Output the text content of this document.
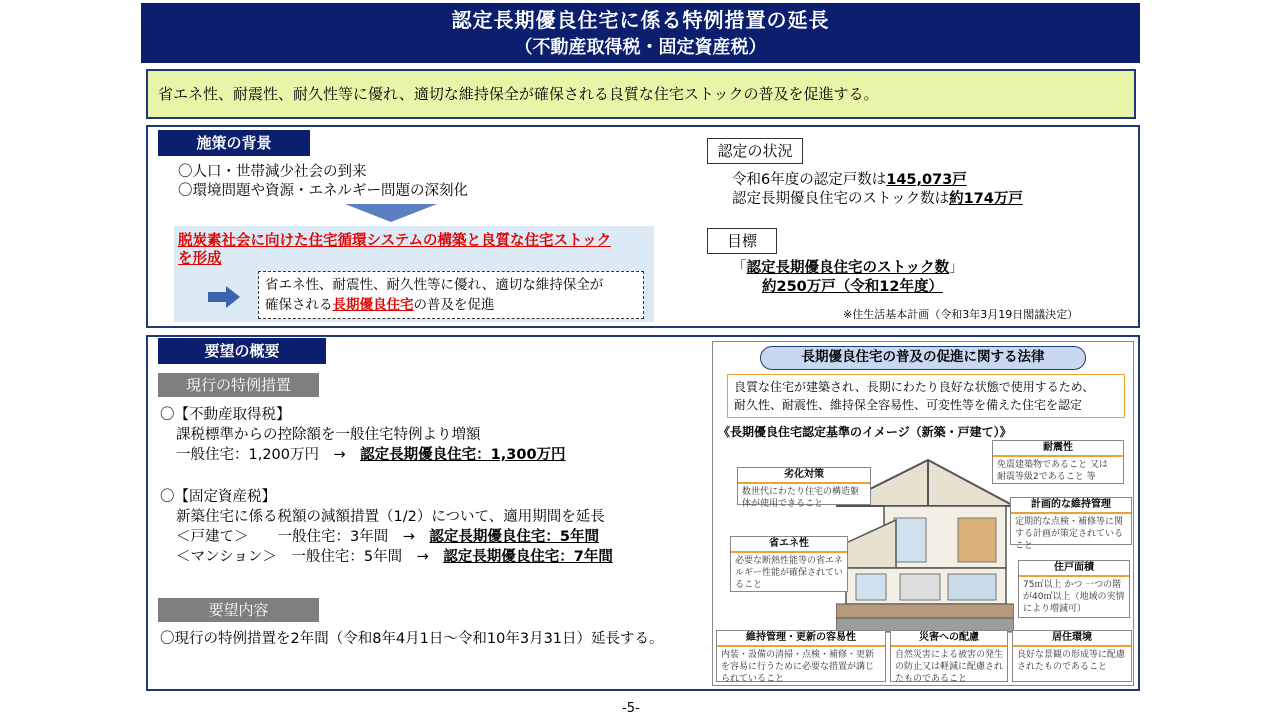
認定長期優良住宅に係る特例措置の延長
（不動産取得税・固定資産税）
省エネ性、耐震性、耐久性等に優れ、適切な維持保全が確保される良質な住宅ストックの普及を促進する。
施策の背景
〇人口・世帯減少社会の到来
〇環境問題や資源・エネルギー問題の深刻化
脱炭素社会に向けた住宅循環システムの構築と良質な住宅ストック
を形成
省エネ性、耐震性、耐久性等に優れ、適切な維持保全が
確保される長期優良住宅の普及を促進
認定の状況
令和6年度の認定戸数は145,073戸
認定長期優良住宅のストック数は約174万戸
目標
「認定長期優良住宅のストック数」
約250万戸（令和12年度）
※住生活基本計画（令和3年3月19日閣議決定）
要望の概要
現行の特例措置
〇【不動産取得税】
課税標準からの控除額を一般住宅特例より増額
一般住宅：1,200万円　→　認定長期優良住宅：1,300万円
〇【固定資産税】
新築住宅に係る税額の減額措置（1/2）について、適用期間を延長
＜戸建て＞　　一般住宅：3年間　→　認定長期優良住宅：5年間
＜マンション＞　一般住宅：5年間　→　認定長期優良住宅：7年間
要望内容
〇現行の特例措置を2年間（令和8年4月1日～令和10年3月31日）延長する。
長期優良住宅の普及の促進に関する法律
良質な住宅が建築され、長期にわたり良好な状態で使用するため、
耐久性、耐震性、維持保全容易性、可変性等を備えた住宅を認定
《長期優良住宅認定基準のイメージ（新築・戸建て）》
劣化対策
数世代にわたり住宅の構造躯体が使用できること
耐震性
免震建築物であること 又は 耐震等級2であること 等
計画的な維持管理
定期的な点検・補修等に関する計画が策定されていること
省エネ性
必要な断熱性能等の省エネルギー性能が確保されていること
住戸面積
75㎡以上 かつ 一つの階が40㎡以上（地域の実情により増減可）
維持管理・更新の容易性
内装・設備の清掃・点検・補修・更新を容易に行うために必要な措置が講じられていること
災害への配慮
自然災害による被害の発生の防止又は軽減に配慮されたものであること
居住環境
良好な景観の形成等に配慮されたものであること
-5-
